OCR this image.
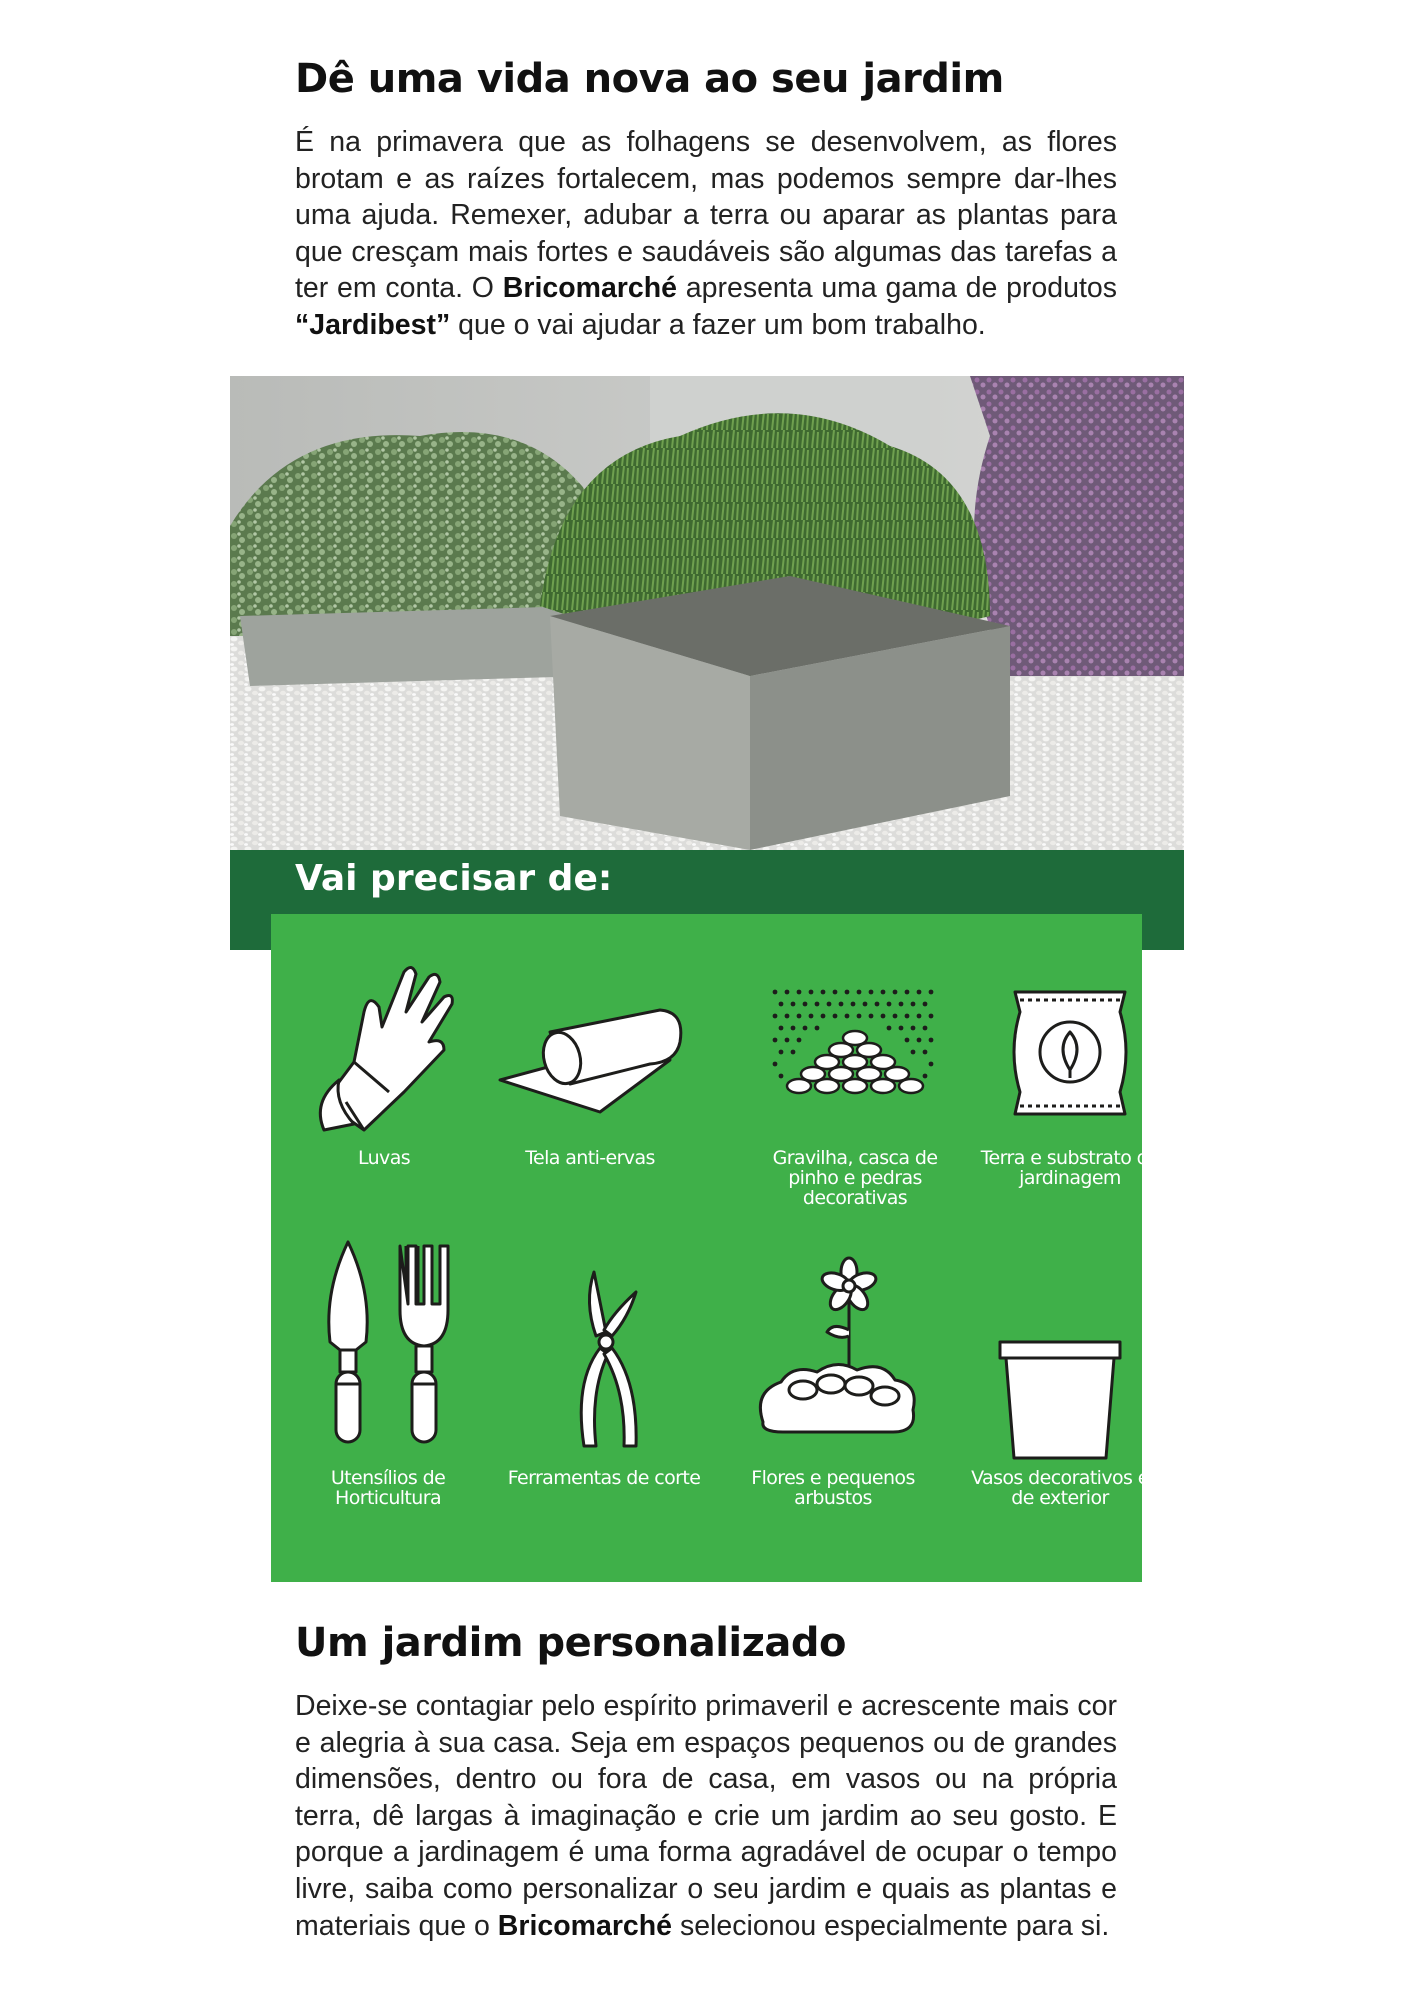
Dê uma vida nova ao seu jardim

É na primavera que as folhagens se desenvolvem, as flores brotam e as raízes fortalecem, mas podemos sempre dar-lhes uma ajuda. Remexer, adubar a terra ou aparar as plantas para que cresçam mais fortes e saudáveis são algumas das tarefas a ter em conta. O Bricomarché apresenta uma gama de produtos “Jardibest” que o vai ajudar a fazer um bom trabalho.

Vai precisar de:
Luvas	Tela anti-ervas	Gravilha, casca de pinho e pedras decorativas
Terra e substrato de jardinagem
Utensílios de Horticultura
Ferramentas de corte	Flores e pequenos arbustos
Vasos decorativos e de exterior
Um jardim personalizado

Deixe-se contagiar pelo espírito primaveril e acrescente mais cor e alegria à sua casa. Seja em espaços pequenos ou de grandes dimensões, dentro ou fora de casa, em vasos ou na própria terra, dê largas à imaginação e crie um jardim ao seu gosto. E porque a jardinagem é uma forma agradável de ocupar o tempo livre, saiba como personalizar o seu jardim e quais as plantas e materiais que o Bricomarché selecionou especialmente para si.
